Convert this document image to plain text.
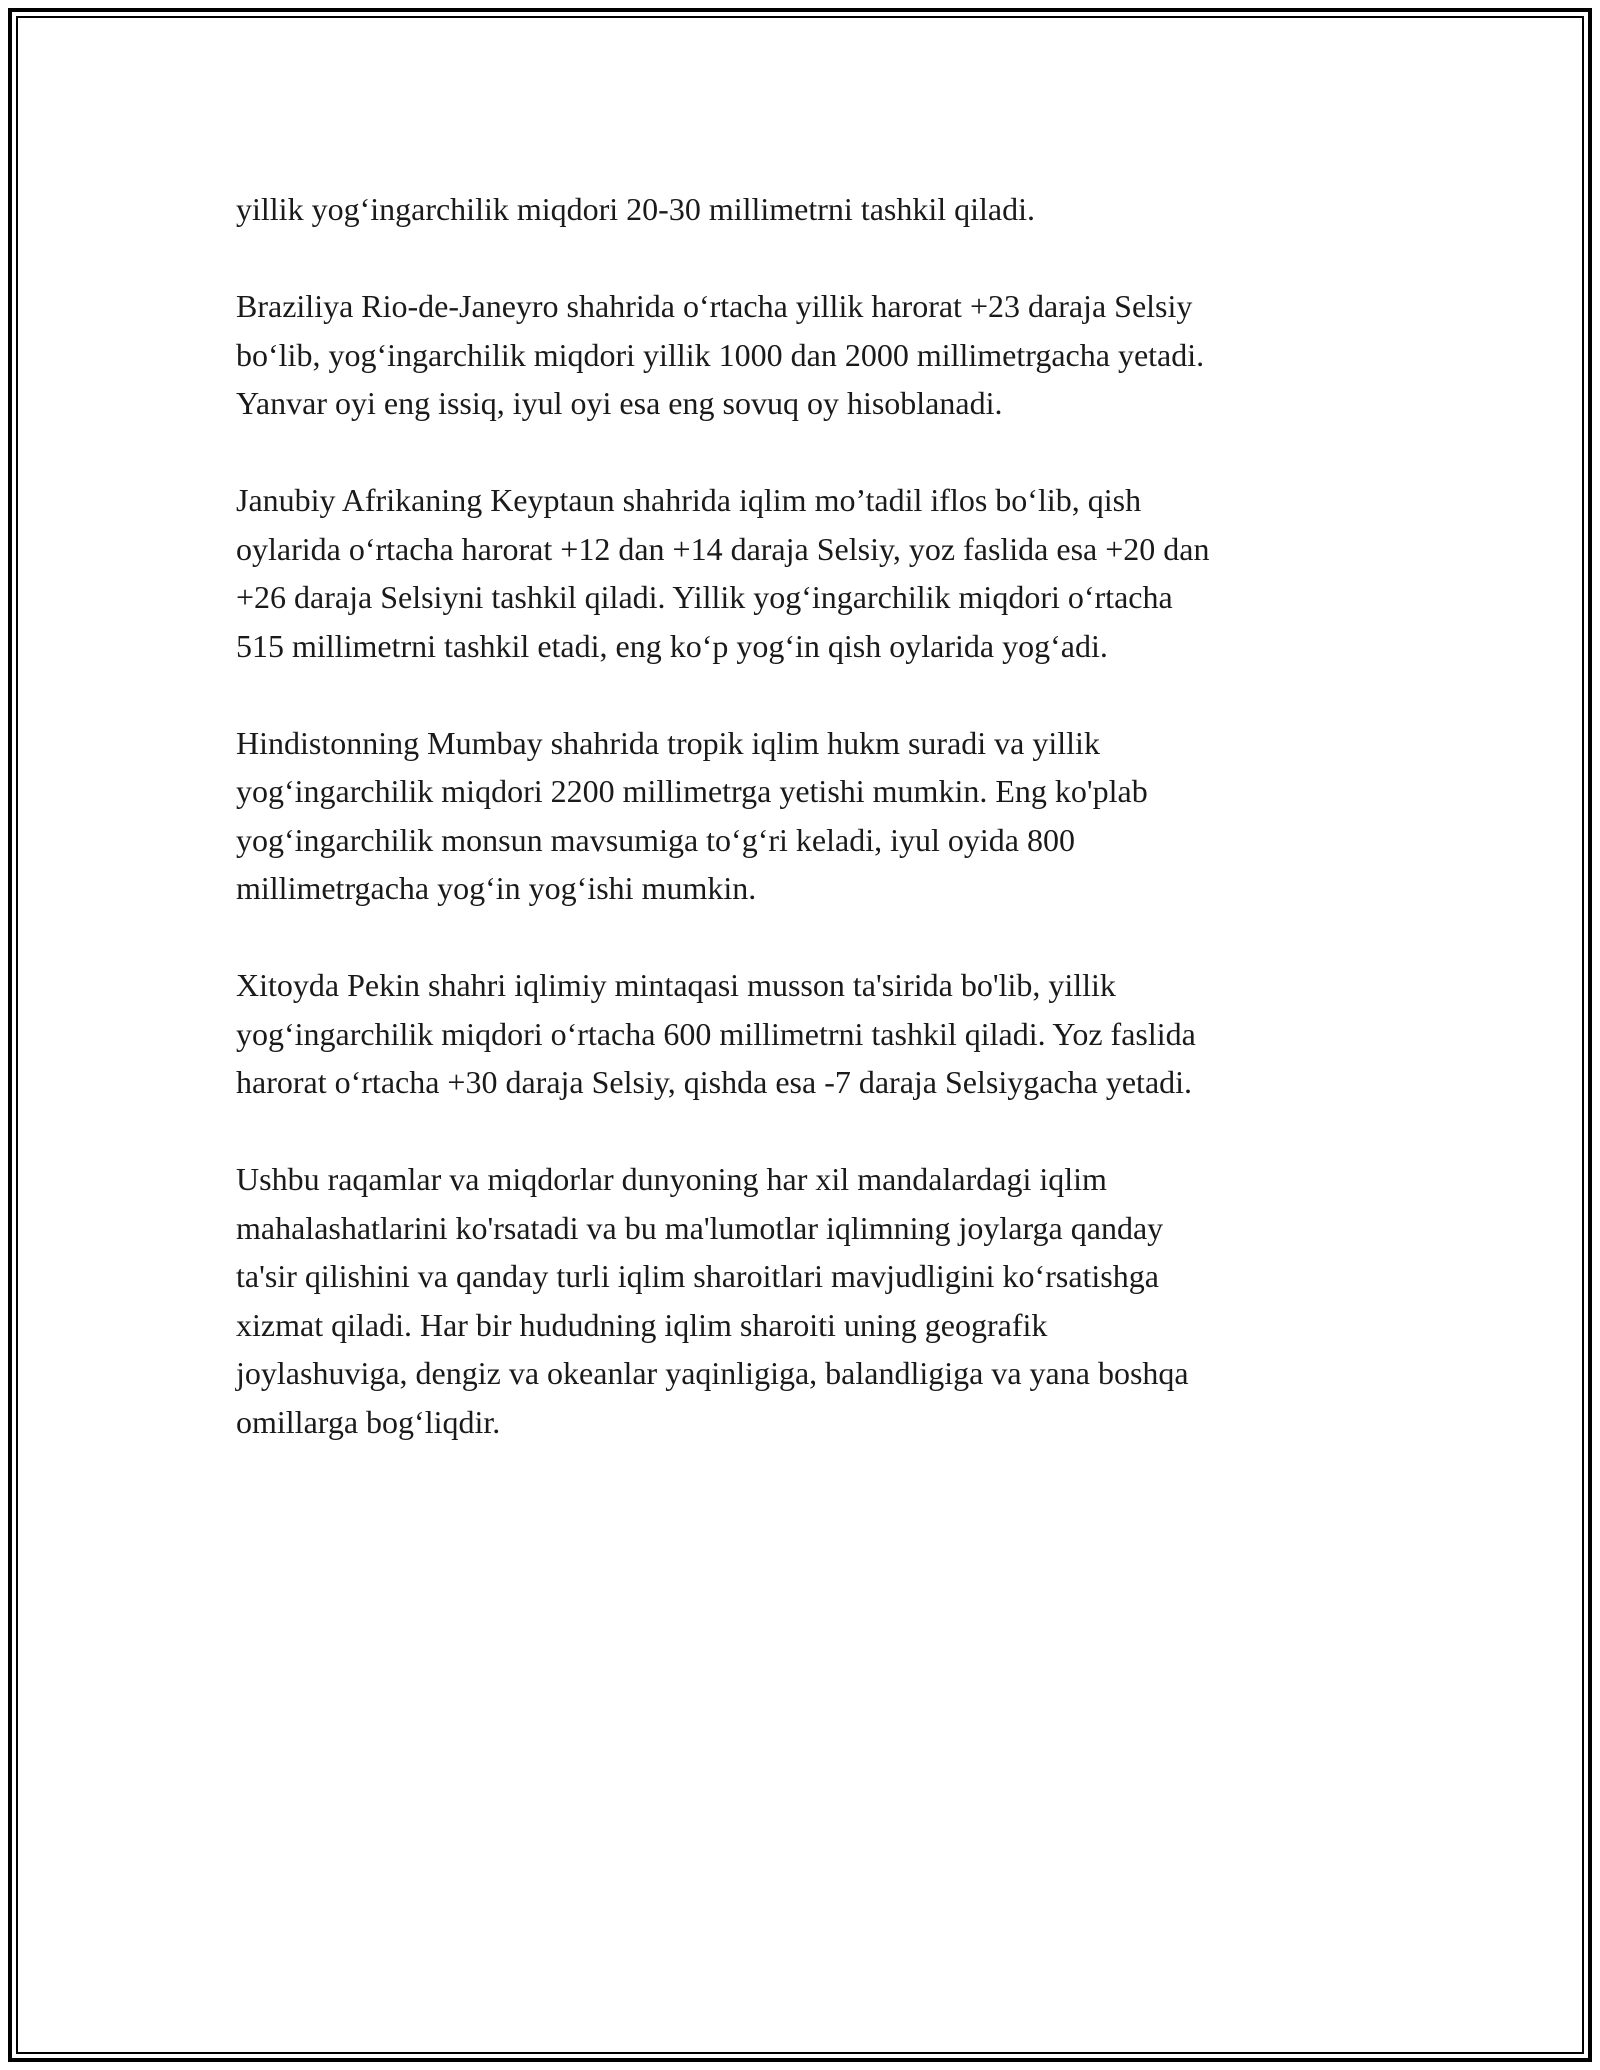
yillik yog‘ingarchilik miqdori 20-30 millimetrni tashkil qiladi.

Braziliya Rio-de-Janeyro shahrida o‘rtacha yillik harorat +23 daraja Selsiy
bo‘lib, yog‘ingarchilik miqdori yillik 1000 dan 2000 millimetrgacha yetadi.
Yanvar oyi eng issiq, iyul oyi esa eng sovuq oy hisoblanadi.

Janubiy Afrikaning Keyptaun shahrida iqlim mo’tadil iflos bo‘lib, qish
oylarida o‘rtacha harorat +12 dan +14 daraja Selsiy, yoz faslida esa +20 dan
+26 daraja Selsiyni tashkil qiladi. Yillik yog‘ingarchilik miqdori o‘rtacha
515 millimetrni tashkil etadi, eng ko‘p yog‘in qish oylarida yog‘adi.

Hindistonning Mumbay shahrida tropik iqlim hukm suradi va yillik
yog‘ingarchilik miqdori 2200 millimetrga yetishi mumkin. Eng ko'plab
yog‘ingarchilik monsun mavsumiga to‘g‘ri keladi, iyul oyida 800
millimetrgacha yog‘in yog‘ishi mumkin.

Xitoyda Pekin shahri iqlimiy mintaqasi musson ta'sirida bo'lib, yillik
yog‘ingarchilik miqdori o‘rtacha 600 millimetrni tashkil qiladi. Yoz faslida
harorat o‘rtacha +30 daraja Selsiy, qishda esa -7 daraja Selsiygacha yetadi.

Ushbu raqamlar va miqdorlar dunyoning har xil mandalardagi iqlim
mahalashatlarini ko'rsatadi va bu ma'lumotlar iqlimning joylarga qanday
ta'sir qilishini va qanday turli iqlim sharoitlari mavjudligini ko‘rsatishga
xizmat qiladi. Har bir hududning iqlim sharoiti uning geografik
joylashuviga, dengiz va okeanlar yaqinligiga, balandligiga va yana boshqa
omillarga bog‘liqdir.
